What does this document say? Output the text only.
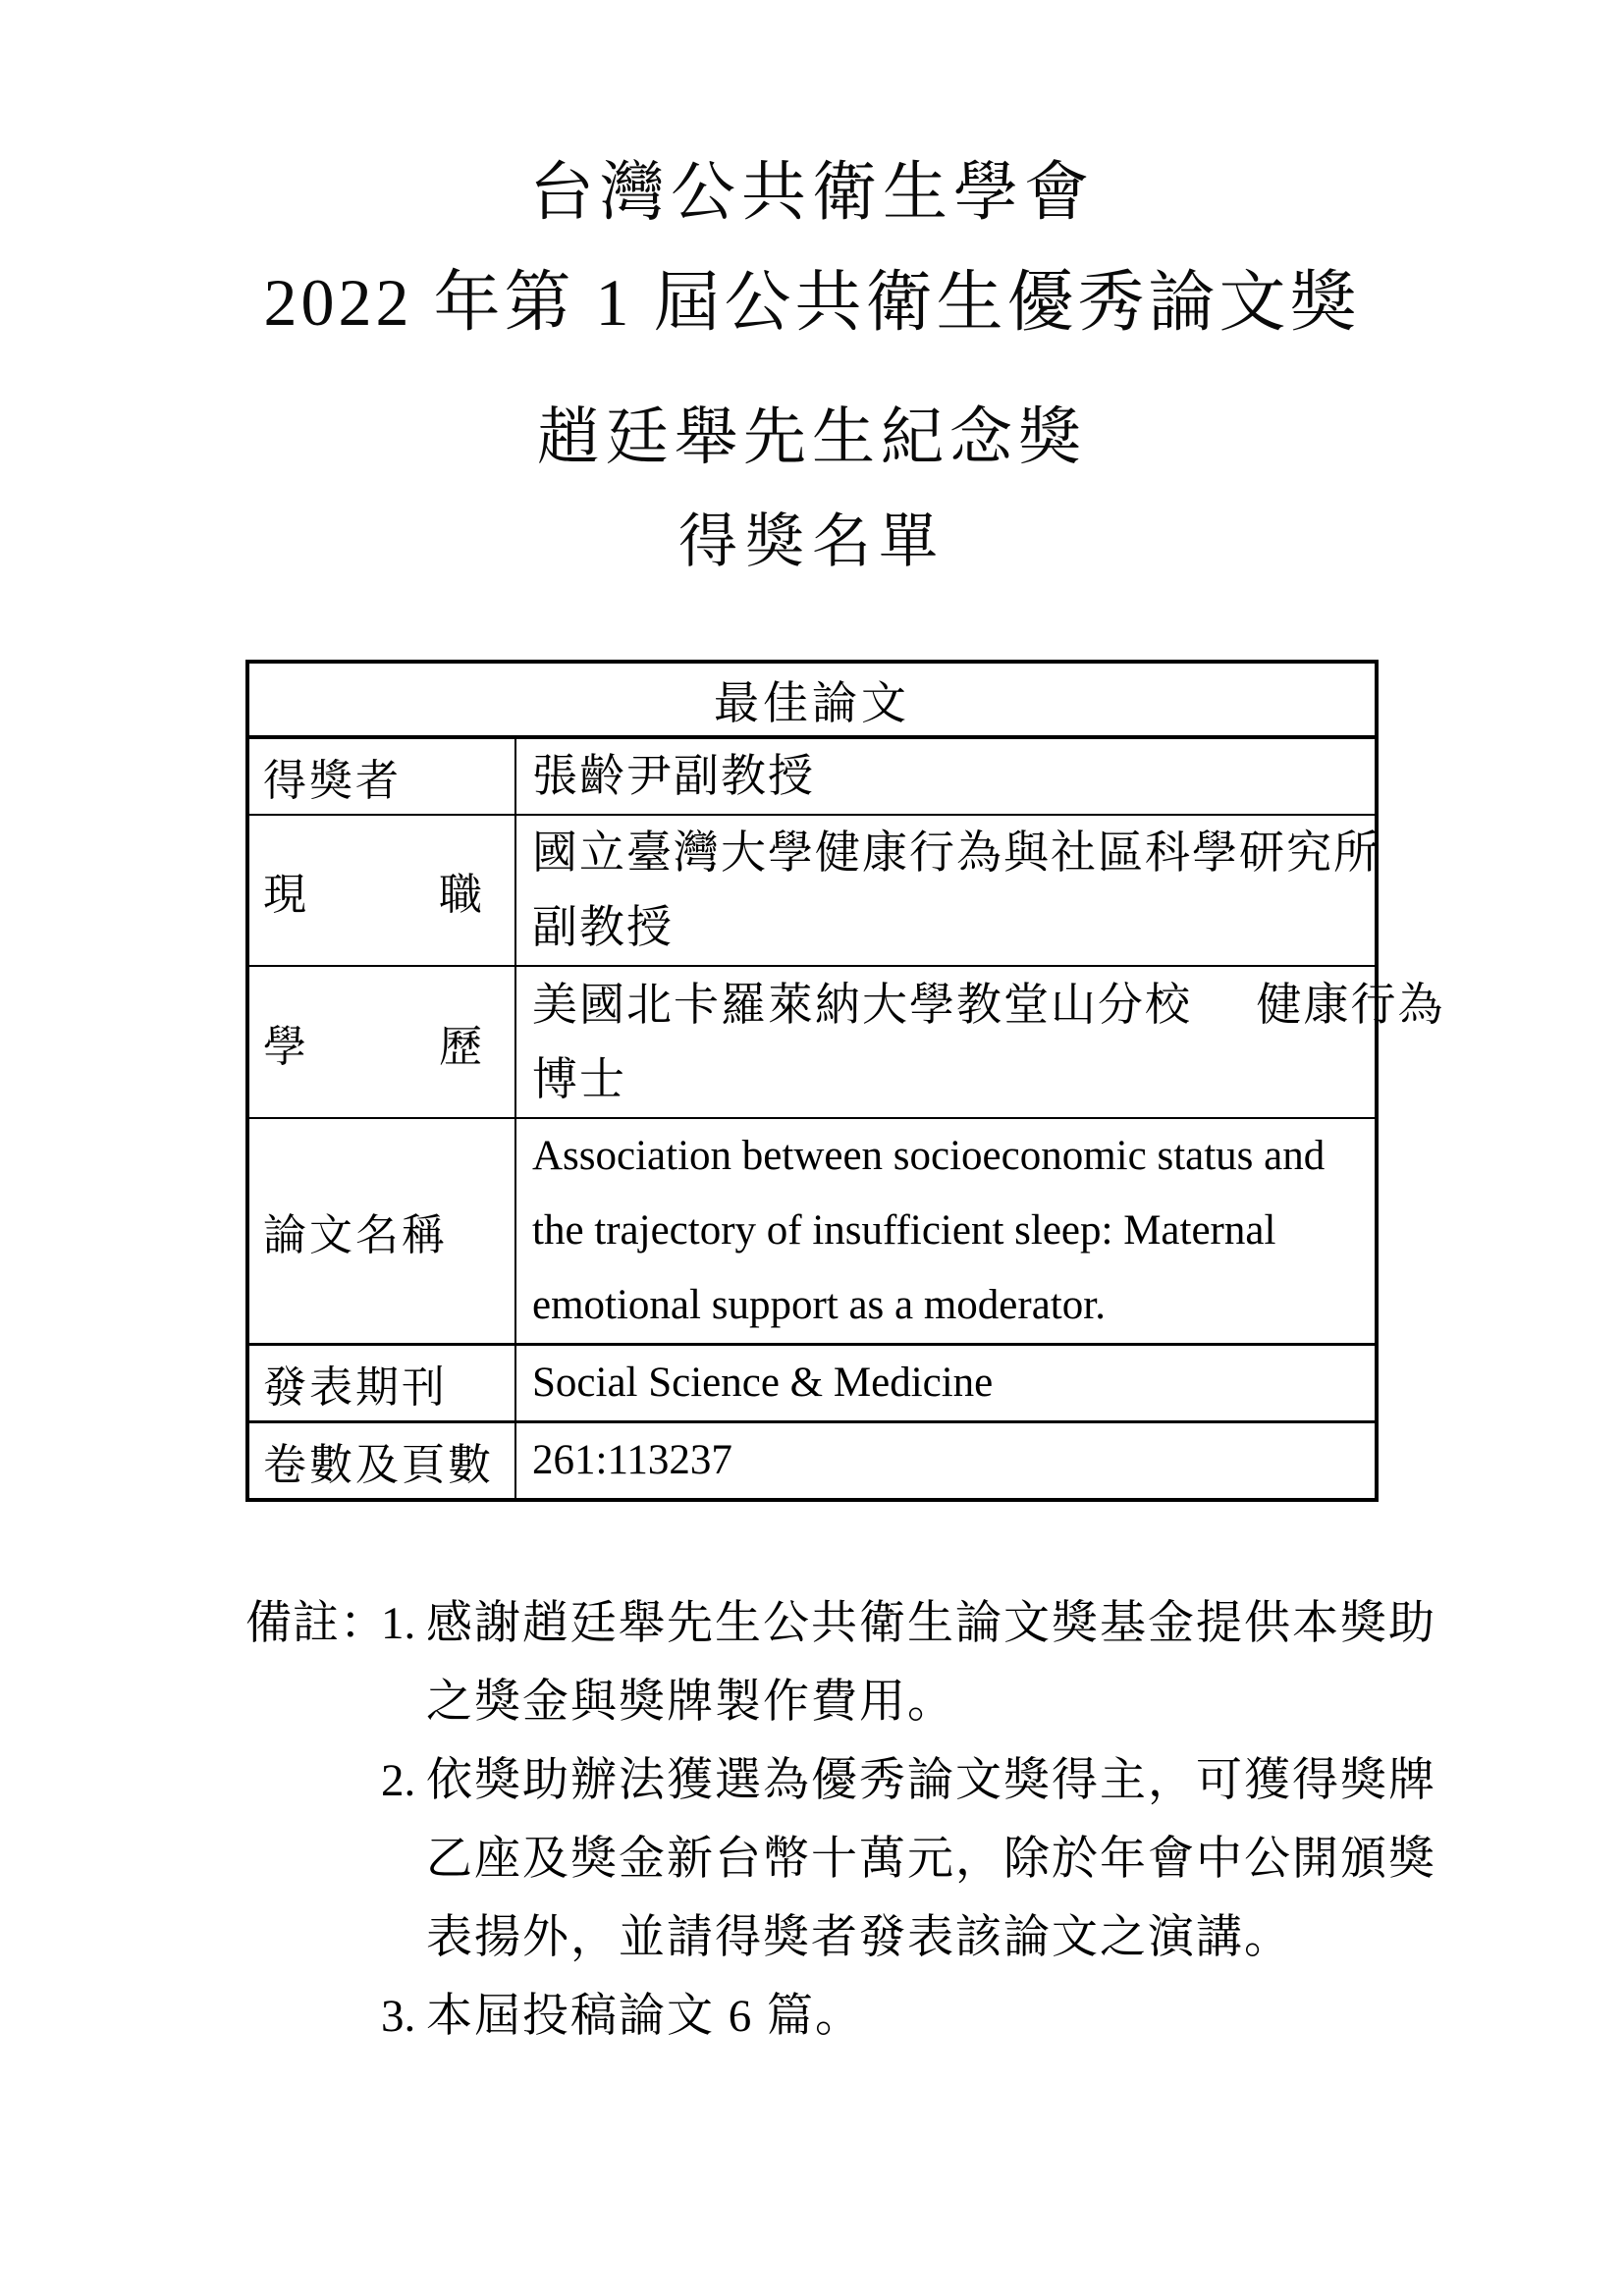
台灣公共衛生學會
2022 年第 1 屆公共衛生優秀論文獎
趙廷舉先生紀念獎
得獎名單
最佳論文	
得獎者	張齡尹副教授

現 職	國立臺灣大學健康行為與社區科學研究所
副教授

學 歷	美國北卡羅萊納大學教堂山分校 健康行為
博士

論文名稱	Association between socioeconomic status and
the trajectory of insufficient sleep: Maternal
emotional support as a moderator.

發表期刊	Social Science & Medicine

卷數及頁數	261:113237
備註：
1. 感謝趙廷舉先生公共衛生論文獎基金提供本獎助
之獎金與獎牌製作費用。
2. 依獎助辦法獲選為優秀論文獎得主，可獲得獎牌
乙座及獎金新台幣十萬元，除於年會中公開頒獎
表揚外，並請得獎者發表該論文之演講。
3. 本屆投稿論文 6 篇。
